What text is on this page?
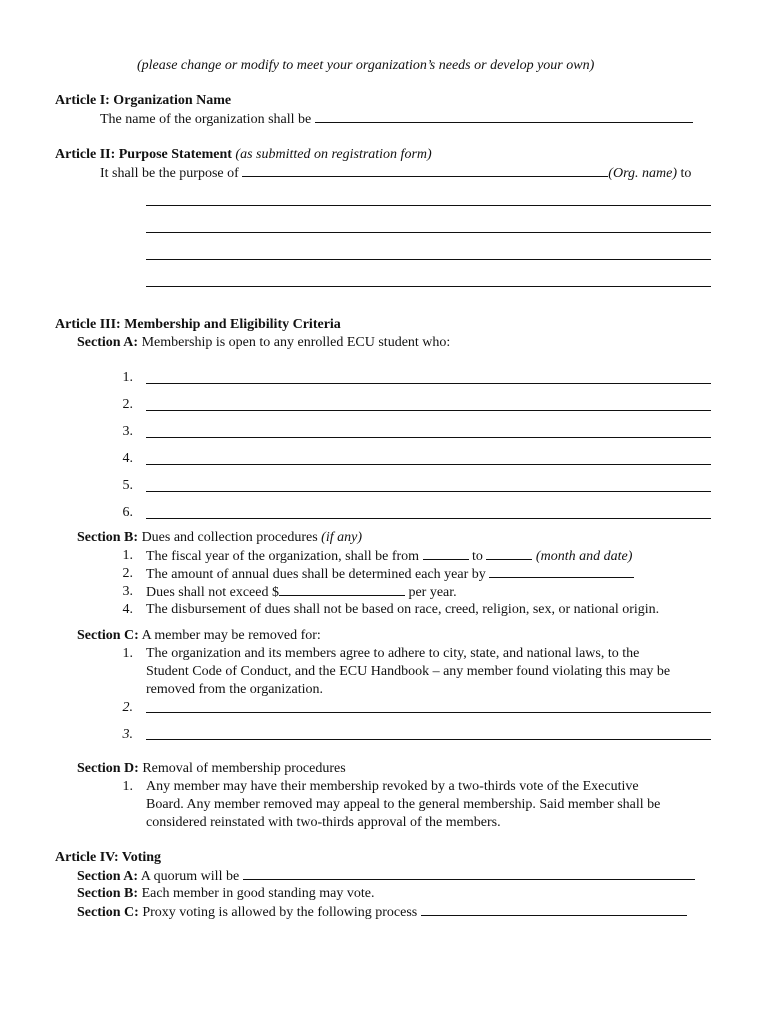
(please change or modify to meet your organization’s needs or develop your own)
Article I: Organization Name
The name of the organization shall be
Article II: Purpose Statement (as submitted on registration form)
It shall be the purpose of	(Org. name) to
Article III: Membership and Eligibility Criteria
Section A: Membership is open to any enrolled ECU student who:
1.
2.
3.
4.
5.
6.
Section B: Dues and collection procedures (if any)
1. The fiscal year of the organization, shall be from	to	(month and date)
2. The amount of annual dues shall be determined each year by
3. Dues shall not exceed $	per year.
4. The disbursement of dues shall not be based on race, creed, religion, sex, or national origin.
Section C: A member may be removed for:
1. The organization and its members agree to adhere to city, state, and national laws, to the
Student Code of Conduct, and the ECU Handbook – any member found violating this may be
removed from the organization.
2.
3.
Section D: Removal of membership procedures
1. Any member may have their membership revoked by a two-thirds vote of the Executive
Board. Any member removed may appeal to the general membership. Said member shall be
considered reinstated with two-thirds approval of the members.
Article IV: Voting
Section A: A quorum will be
Section B: Each member in good standing may vote.
Section C: Proxy voting is allowed by the following process
